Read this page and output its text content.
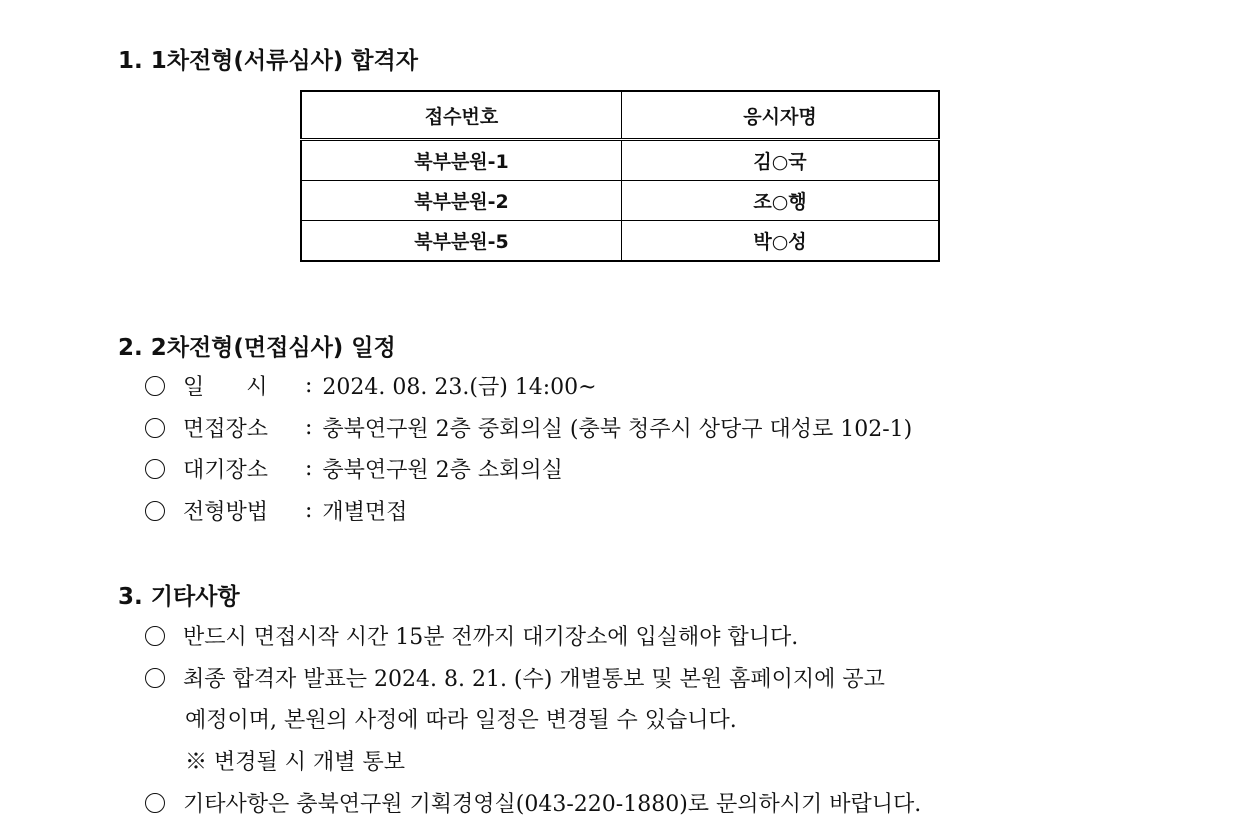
1. 1차전형(서류심사) 합격자
접수번호	응시자명
북부분원-1	김○국
북부분원-2	조○행
북부분원-5	박○성
2. 2차전형(면접심사) 일정
일      시	: 2024. 08. 23.(금) 14:00~
면접장소	: 충북연구원 2층 중회의실 (충북 청주시 상당구 대성로 102-1)
대기장소	: 충북연구원 2층 소회의실
전형방법	: 개별면접
3. 기타사항
반드시 면접시작 시간 15분 전까지 대기장소에 입실해야 합니다.
최종 합격자 발표는 2024. 8. 21. (수) 개별통보 및 본원 홈페이지에 공고
예정이며, 본원의 사정에 따라 일정은 변경될 수 있습니다.
※ 변경될 시 개별 통보
기타사항은 충북연구원 기획경영실(043-220-1880)로 문의하시기 바랍니다.
